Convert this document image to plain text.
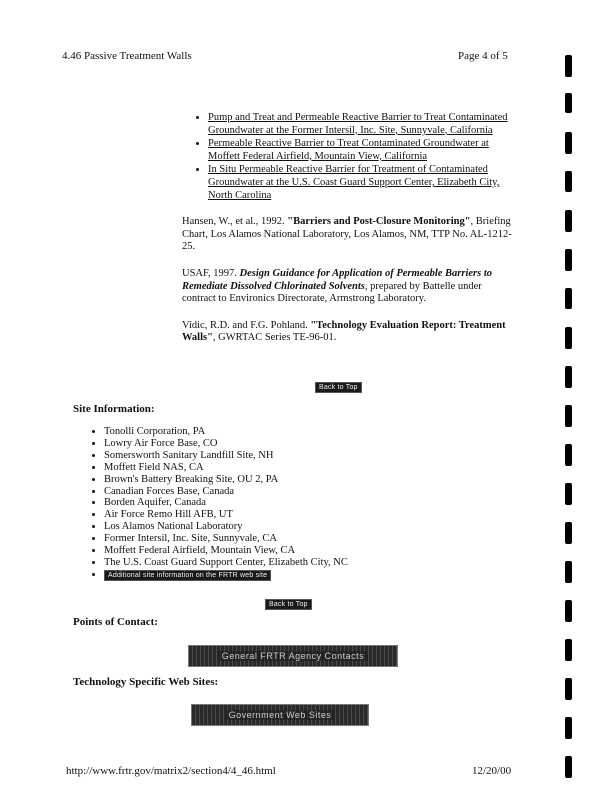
4.46 Passive Treatment Walls	Page 4 of 5
• Pump and Treat and Permeable Reactive Barrier to Treat Contaminated Groundwater at the Former Intersil, Inc. Site, Sunnyvale, California
• Permeable Reactive Barrier to Treat Contaminated Groundwater at Moffett Federal Airfield, Mountain View, California
• In Situ Permeable Reactive Barrier for Treatment of Contaminated Groundwater at the U.S. Coast Guard Support Center, Elizabeth City, North Carolina

Hansen, W., et al., 1992. "Barriers and Post-Closure Monitoring", Briefing Chart, Los Alamos National Laboratory, Los Alamos, NM, TTP No. AL-1212-25.

USAF, 1997. Design Guidance for Application of Permeable Barriers to Remediate Dissolved Chlorinated Solvents, prepared by Battelle under contract to Environics Directorate, Armstrong Laboratory.

Vidic, R.D. and F.G. Pohland. "Technology Evaluation Report: Treatment Walls", GWRTAC Series TE-96-01.

Back to Top
Site Information:
• Tonolli Corporation, PA
• Lowry Air Force Base, CO
• Somersworth Sanitary Landfill Site, NH
• Moffett Field NAS, CA
• Brown's Battery Breaking Site, OU 2, PA
• Canadian Forces Base, Canada
• Borden Aquifer, Canada
• Air Force Remo Hill AFB, UT
• Los Alamos National Laboratory
• Former Intersil, Inc. Site, Sunnyvale, CA
• Moffett Federal Airfield, Mountain View, CA
• The U.S. Coast Guard Support Center, Elizabeth City, NC
• Additional site information on the FRTR web site
Back to Top
Points of Contact:
General FRTR Agency Contacts
Technology Specific Web Sites:
Government Web Sites
http://www.frtr.gov/matrix2/section4/4_46.html	12/20/00
